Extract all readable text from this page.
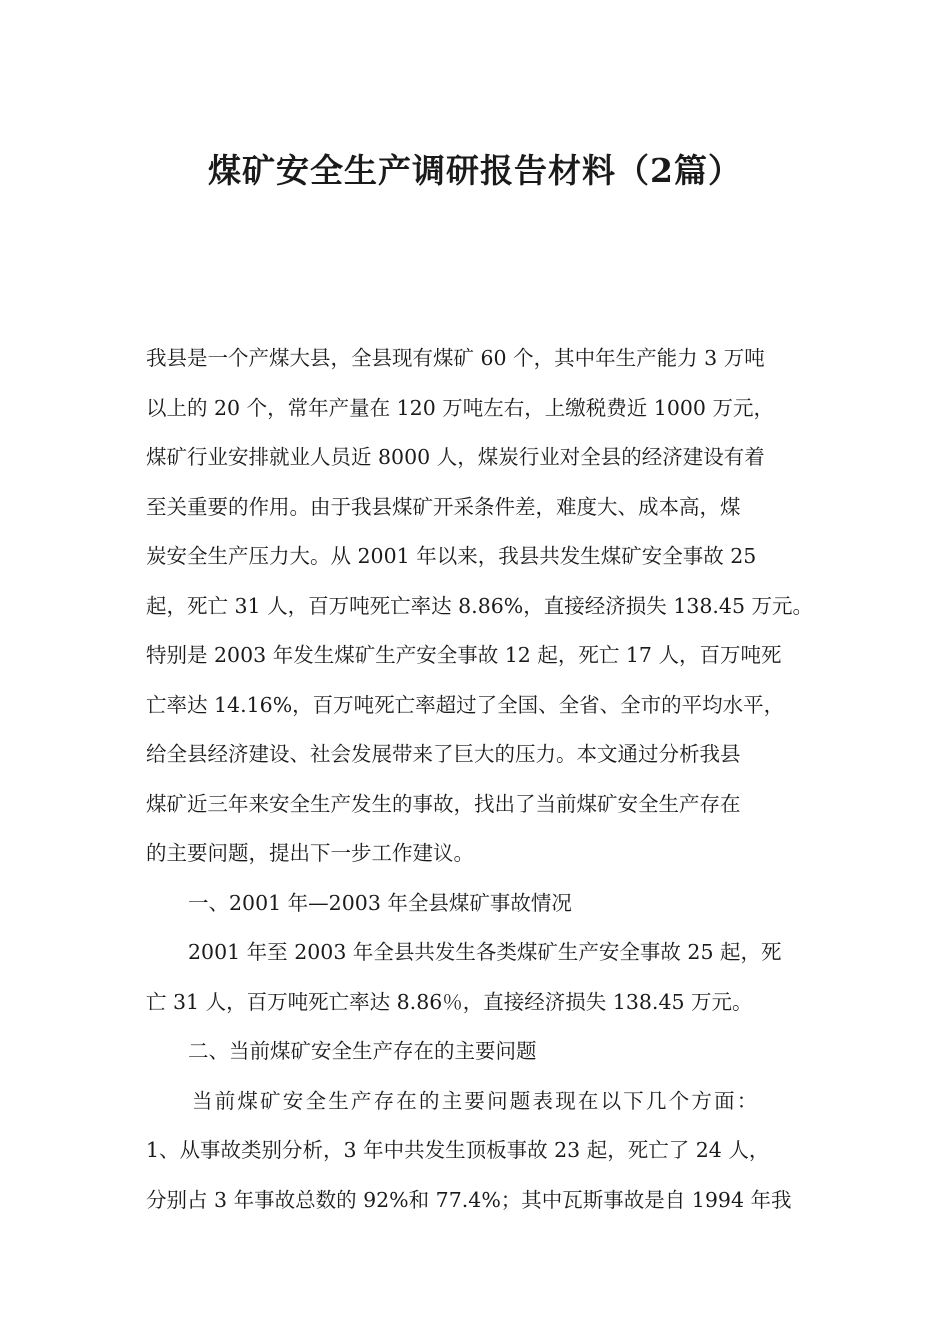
煤矿安全生产调研报告材料（2篇）
我县是一个产煤大县，全县现有煤矿 60 个，其中年生产能力 3 万吨
以上的 20 个，常年产量在 120 万吨左右，上缴税费近 1000 万元，
煤矿行业安排就业人员近 8000 人，煤炭行业对全县的经济建设有着
至关重要的作用。由于我县煤矿开采条件差，难度大、成本高，煤
炭安全生产压力大。从 2001 年以来，我县共发生煤矿安全事故 25
起，死亡 31 人，百万吨死亡率达 8.86%，直接经济损失 138.45 万元。
特别是 2003 年发生煤矿生产安全事故 12 起，死亡 17 人，百万吨死
亡率达 14.16%，百万吨死亡率超过了全国、全省、全市的平均水平，
给全县经济建设、社会发展带来了巨大的压力。本文通过分析我县
煤矿近三年来安全生产发生的事故，找出了当前煤矿安全生产存在
的主要问题，提出下一步工作建议。
一、2001 年—2003 年全县煤矿事故情况
2001 年至 2003 年全县共发生各类煤矿生产安全事故 25 起，死
亡 31 人，百万吨死亡率达 8.86％，直接经济损失 138.45 万元。
二、当前煤矿安全生产存在的主要问题
当前煤矿安全生产存在的主要问题表现在以下几个方面：
1、从事故类别分析，3 年中共发生顶板事故 23 起，死亡了 24 人，
分别占 3 年事故总数的 92%和 77.4%；其中瓦斯事故是自 1994 年我
